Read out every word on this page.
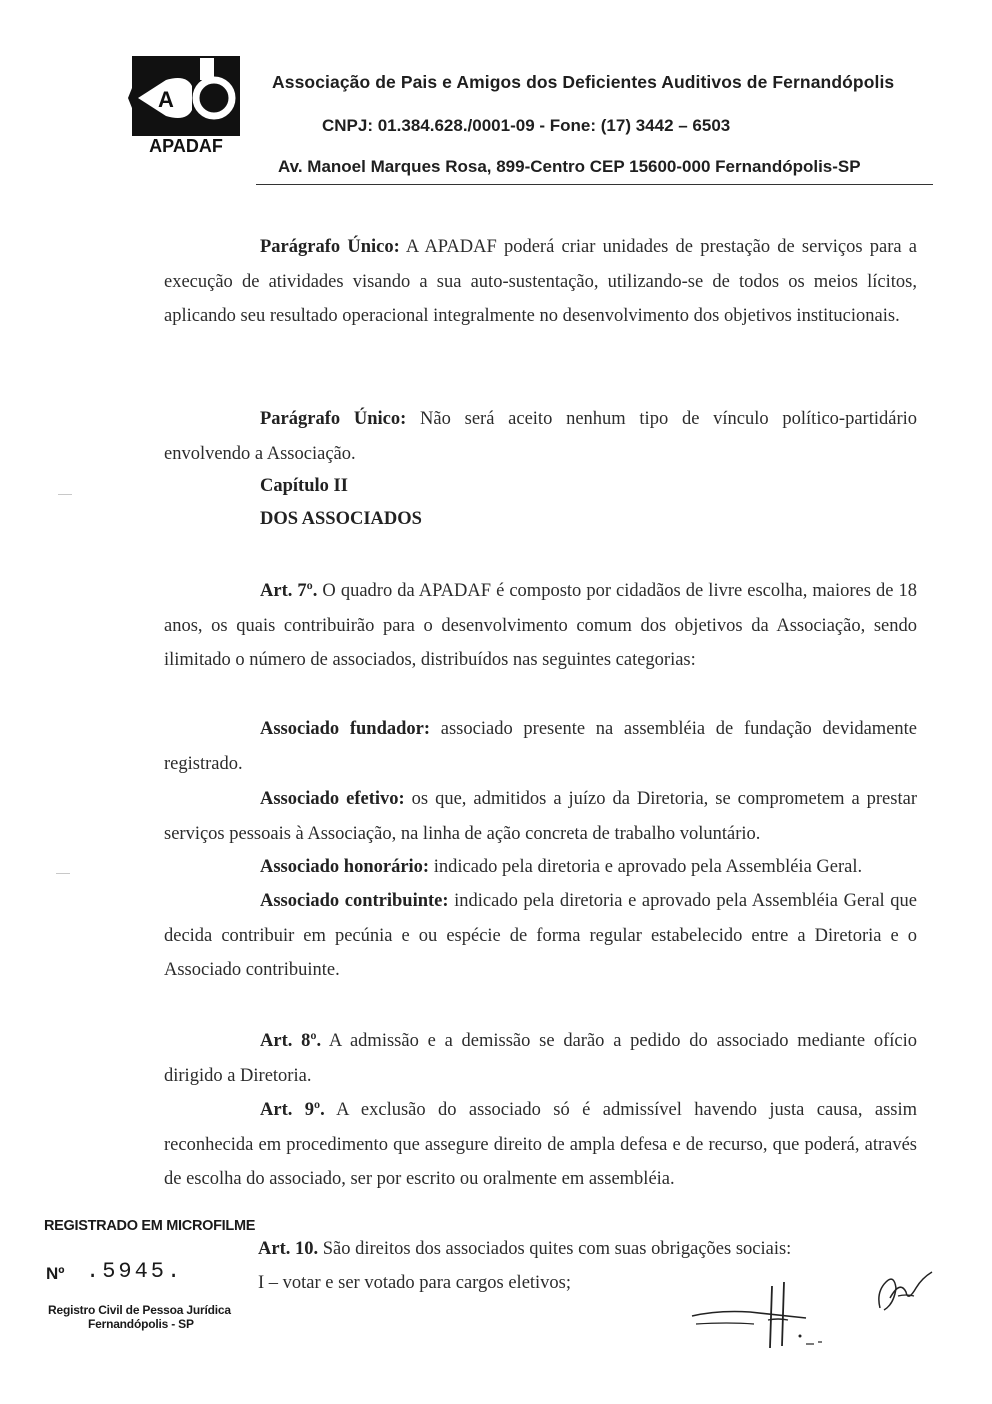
A
APADAF
Associação de Pais e Amigos dos Deficientes Auditivos de Fernandópolis
CNPJ: 01.384.628./0001-09 - Fone: (17) 3442 – 6503
Av. Manoel Marques Rosa, 899-Centro CEP 15600-000 Fernandópolis-SP
Parágrafo Único: A APADAF poderá criar unidades de prestação de serviços para a execução de atividades visando a sua auto-sustentação, utilizando-se de todos os meios lícitos, aplicando seu resultado operacional integralmente no desenvolvimento dos objetivos institucionais.
Parágrafo Único: Não será aceito nenhum tipo de vínculo político-partidário envolvendo a Associação.
Capítulo II
DOS ASSOCIADOS
Art. 7º. O quadro da APADAF é composto por cidadãos de livre escolha, maiores de 18 anos, os quais contribuirão para o desenvolvimento comum dos objetivos da Associação, sendo ilimitado o número de associados, distribuídos nas seguintes categorias:
Associado fundador: associado presente na assembléia de fundação devidamente registrado.
Associado efetivo: os que, admitidos a juízo da Diretoria, se comprometem a prestar serviços pessoais à Associação, na linha de ação concreta de trabalho voluntário.
Associado honorário: indicado pela diretoria e aprovado pela Assembléia Geral.
Associado contribuinte: indicado pela diretoria e aprovado pela Assembléia Geral que decida contribuir em pecúnia e ou espécie de forma regular estabelecido entre a Diretoria e o Associado contribuinte.
Art. 8º. A admissão e a demissão se darão a pedido do associado mediante ofício dirigido a Diretoria.
Art. 9º. A exclusão do associado só é admissível havendo justa causa, assim reconhecida em procedimento que assegure direito de ampla defesa e de recurso, que poderá, através de escolha do associado, ser por escrito ou oralmente em assembléia.
Art. 10. São direitos dos associados quites com suas obrigações sociais:
I – votar e ser votado para cargos eletivos;
REGISTRADO EM MICROFILME
Nº .5945.
Registro Civil de Pessoa Jurídica
Fernandópolis - SP
